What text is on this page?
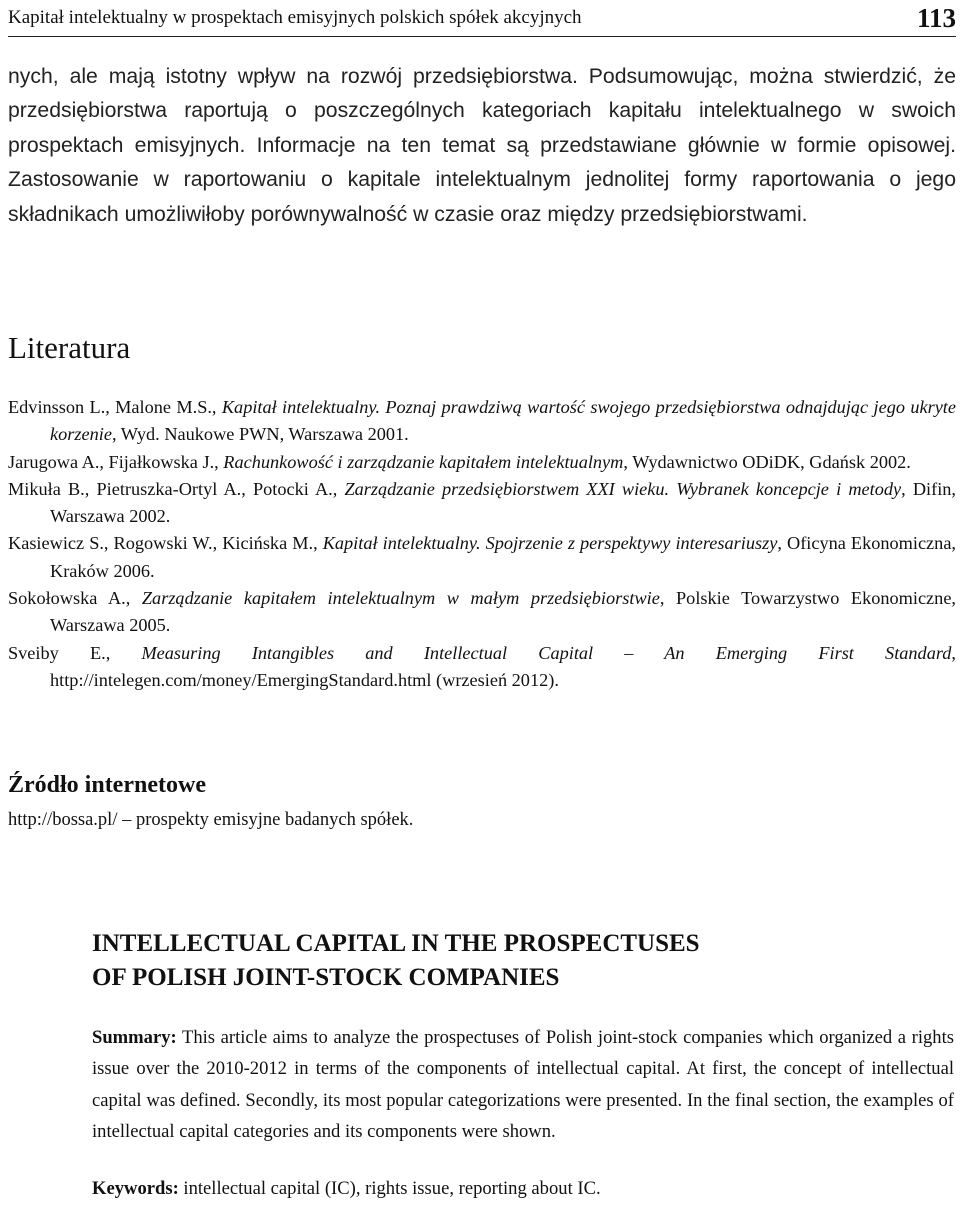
Kapitał intelektualny w prospektach emisyjnych polskich spółek akcyjnych	113
nych, ale mają istotny wpływ na rozwój przedsiębiorstwa. Podsumowując, można stwierdzić, że przedsiębiorstwa raportują o poszczególnych kategoriach kapitału intelektualnego w swoich prospektach emisyjnych. Informacje na ten temat są przedstawiane głównie w formie opisowej. Zastosowanie w raportowaniu o kapitale intelektualnym jednolitej formy raportowania o jego składnikach umożliwiłoby porównywalność w czasie oraz między przedsiębiorstwami.
Literatura
Edvinsson L., Malone M.S., Kapitał intelektualny. Poznaj prawdziwą wartość swojego przedsiębiorstwa odnajdując jego ukryte korzenie, Wyd. Naukowe PWN, Warszawa 2001.
Jarugowa A., Fijałkowska J., Rachunkowość i zarządzanie kapitałem intelektualnym, Wydawnictwo ODiDK, Gdańsk 2002.
Mikuła B., Pietruszka-Ortyl A., Potocki A., Zarządzanie przedsiębiorstwem XXI wieku. Wybranek koncepcje i metody, Difin, Warszawa 2002.
Kasiewicz S., Rogowski W., Kicińska M., Kapitał intelektualny. Spojrzenie z perspektywy interesariuszy, Oficyna Ekonomiczna, Kraków 2006.
Sokołowska A., Zarządzanie kapitałem intelektualnym w małym przedsiębiorstwie, Polskie Towarzystwo Ekonomiczne, Warszawa 2005.
Sveiby E., Measuring Intangibles and Intellectual Capital – An Emerging First Standard, http://intelegen.com/money/EmergingStandard.html (wrzesień 2012).
Źródło internetowe
http://bossa.pl/ – prospekty emisyjne badanych spółek.
INTELLECTUAL CAPITAL IN THE PROSPECTUSES
OF POLISH JOINT-STOCK COMPANIES
Summary: This article aims to analyze the prospectuses of Polish joint-stock companies which organized a rights issue over the 2010-2012 in terms of the components of intellectual capital. At first, the concept of intellectual capital was defined. Secondly, its most popular categorizations were presented. In the final section, the examples of intellectual capital categories and its components were shown.
Keywords: intellectual capital (IC), rights issue, reporting about IC.
